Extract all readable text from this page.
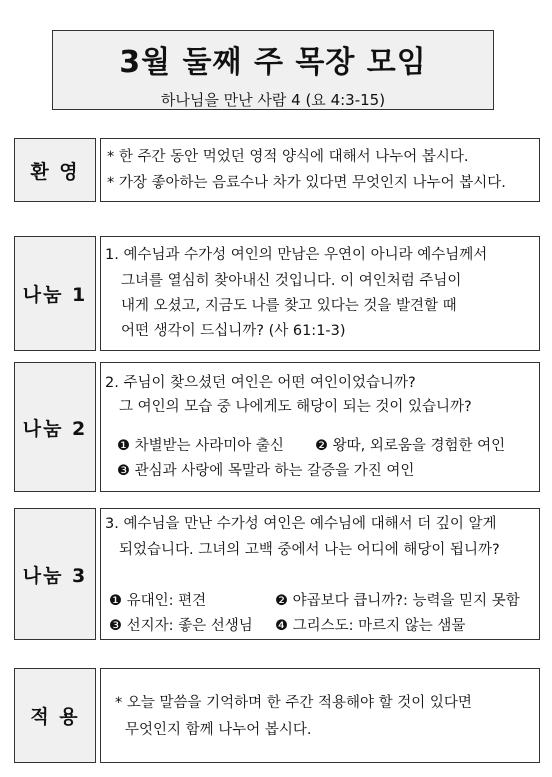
3월 둘째 주 목장 모임
하나님을 만난 사람 4 (요 4:3-15)
환 영
* 한 주간 동안 먹었던 영적 양식에 대해서 나누어 봅시다.
* 가장 좋아하는 음료수나 차가 있다면 무엇인지 나누어 봅시다.
나눔 1
1. 예수님과 수가성 여인의 만남은 우연이 아니라 예수님께서
그녀를 열심히 찾아내신 것입니다. 이 여인처럼 주님이
내게 오셨고, 지금도 나를 찾고 있다는 것을 발견할 때
어떤 생각이 드십니까? (사 61:1-3)
나눔 2
2. 주님이 찾으셨던 여인은 어떤 여인이었습니까?
그 여인의 모습 중 나에게도 해당이 되는 것이 있습니까?
❶ 차별받는 사라미아 출신 ❷ 왕따, 외로움을 경험한 여인
❸ 관심과 사랑에 목말라 하는 갈증을 가진 여인
나눔 3
3. 예수님을 만난 수가성 여인은 예수님에 대해서 더 깊이 알게
되었습니다. 그녀의 고백 중에서 나는 어디에 해당이 됩니까?
❶ 유대인: 편견	❷ 야곱보다 큽니까?: 능력을 믿지 못함
❸ 선지자: 좋은 선생님 ❹ 그리스도: 마르지 않는 샘물
적 용
* 오늘 말씀을 기억하며 한 주간 적용해야 할 것이 있다면
무엇인지 함께 나누어 봅시다.
